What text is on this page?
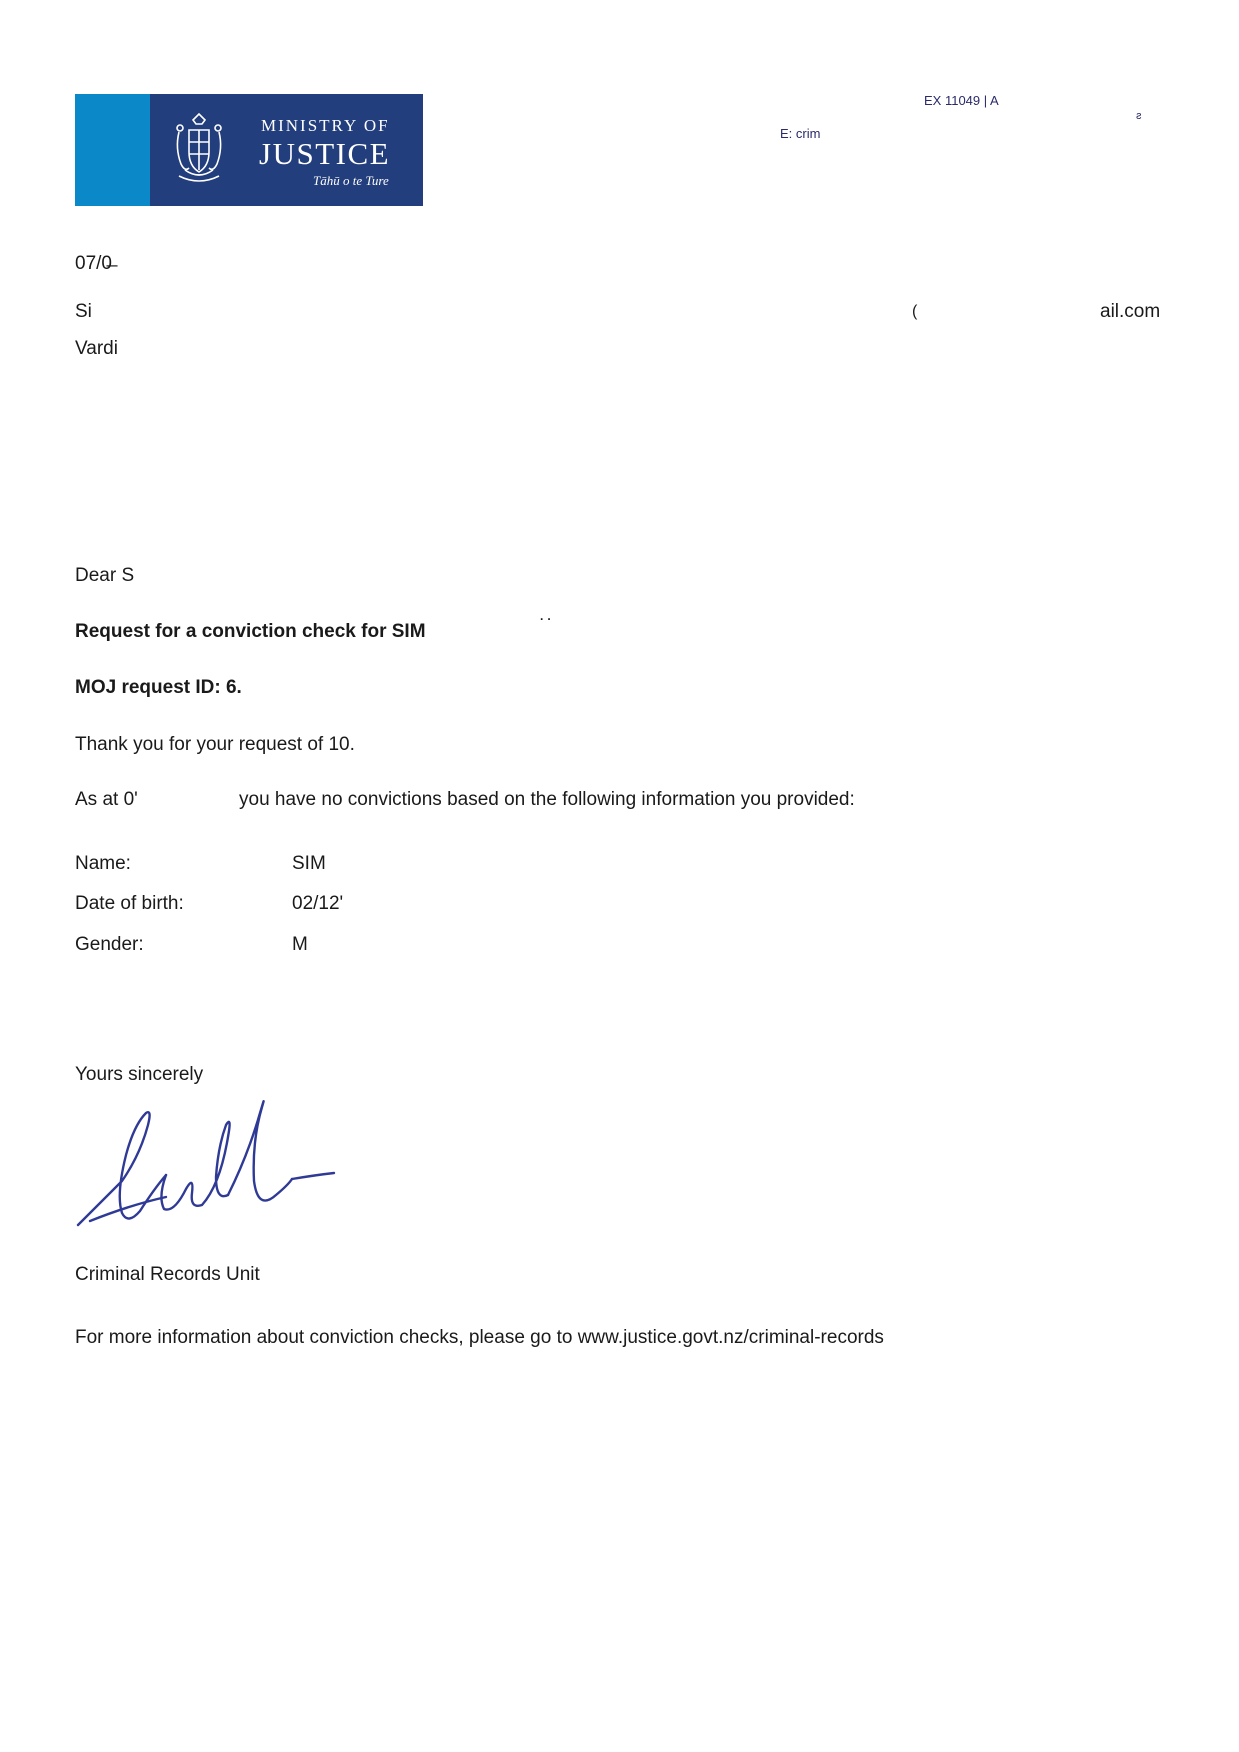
MINISTRY OF
JUSTICE
Tāhū o te Ture
EX 11049 | A
E: crim
ƨ
07/0̶
Si	(	ail.com
Vardi
Dear S
Request for a conviction check for SIM
· ·
MOJ request ID: 6.
Thank you for your request of 10.
As at 0'	you have no convictions based on the following information you provided:
Name:	SIM
Date of birth:	02/12'
Gender:	M
Yours sincerely
Criminal Records Unit
For more information about conviction checks, please go to www.justice.govt.nz/criminal-records
